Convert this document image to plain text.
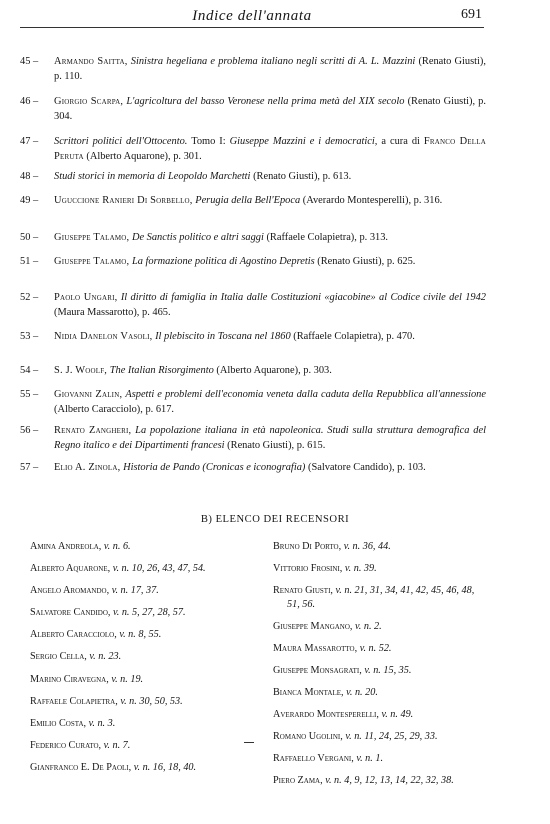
Indice dell'annata	691
45 –	Armando Saitta, Sinistra hegeliana e problema italiano negli scritti di A. L. Mazzini (Renato Giusti), p. 110.
46 –	Giorgio Scarpa, L'agricoltura del basso Veronese nella prima metà del XIX secolo (Renato Giusti), p. 304.
47 –	Scrittori politici dell'Ottocento. Tomo I: Giuseppe Mazzini e i democratici, a cura di Franco Della Peruta (Alberto Aquarone), p. 301.
48 –	Studi storici in memoria di Leopoldo Marchetti (Renato Giusti), p. 613.
49 –	Uguccione Ranieri Di Sorbello, Perugia della Bell'Epoca (Averardo Montesperelli), p. 316.
50 –	Giuseppe Talamo, De Sanctis politico e altri saggi (Raffaele Colapietra), p. 313.
51 –	Giuseppe Talamo, La formazione politica di Agostino Depretis (Renato Giusti), p. 625.
52 –	Paolo Ungari, Il diritto di famiglia in Italia dalle Costituzioni «giacobine» al Codice civile del 1942 (Maura Massarotto), p. 465.
53 –	Nidia Danelon Vasoli, Il plebiscito in Toscana nel 1860 (Raffaele Colapietra), p. 470.
54 –	S. J. Woolf, The Italian Risorgimento (Alberto Aquarone), p. 303.
55 –	Giovanni Zalin, Aspetti e problemi dell'economia veneta dalla caduta della Repubblica all'annessione (Alberto Caracciolo), p. 617.
56 –	Renato Zangheri, La popolazione italiana in età napoleonica. Studi sulla struttura demografica del Regno italico e dei Dipartimenti francesi (Renato Giusti), p. 615.
57 –	Elio A. Zinola, Historia de Pando (Cronicas e iconografia) (Salvatore Candido), p. 103.
B) ELENCO DEI RECENSORI
Amina Andreola, v. n. 6.
Alberto Aquarone, v. n. 10, 26, 43, 47, 54.
Angelo Aromando, v. n. 17, 37.
Salvatore Candido, v. n. 5, 27, 28, 57.
Alberto Caracciolo, v. n. 8, 55.
Sergio Cella, v. n. 23.
Marino Ciravegna, v. n. 19.
Raffaele Colapietra, v. n. 30, 50, 53.
Emilio Costa, v. n. 3.
Federico Curato, v. n. 7.
Gianfranco E. De Paoli, v. n. 16, 18, 40.
Bruno Di Porto, v. n. 36, 44.
Vittorio Frosini, v. n. 39.
Renato Giusti, v. n. 21, 31, 34, 41, 42, 45, 46, 48, 51, 56.
Giuseppe Mangano, v. n. 2.
Maura Massarotto, v. n. 52.
Giuseppe Monsagrati, v. n. 15, 35.
Bianca Montale, v. n. 20.
Averardo Montesperelli, v. n. 49.
Romano Ugolini, v. n. 11, 24, 25, 29, 33.
Raffaello Vergani, v. n. 1.
Piero Zama, v. n. 4, 9, 12, 13, 14, 22, 32, 38.
